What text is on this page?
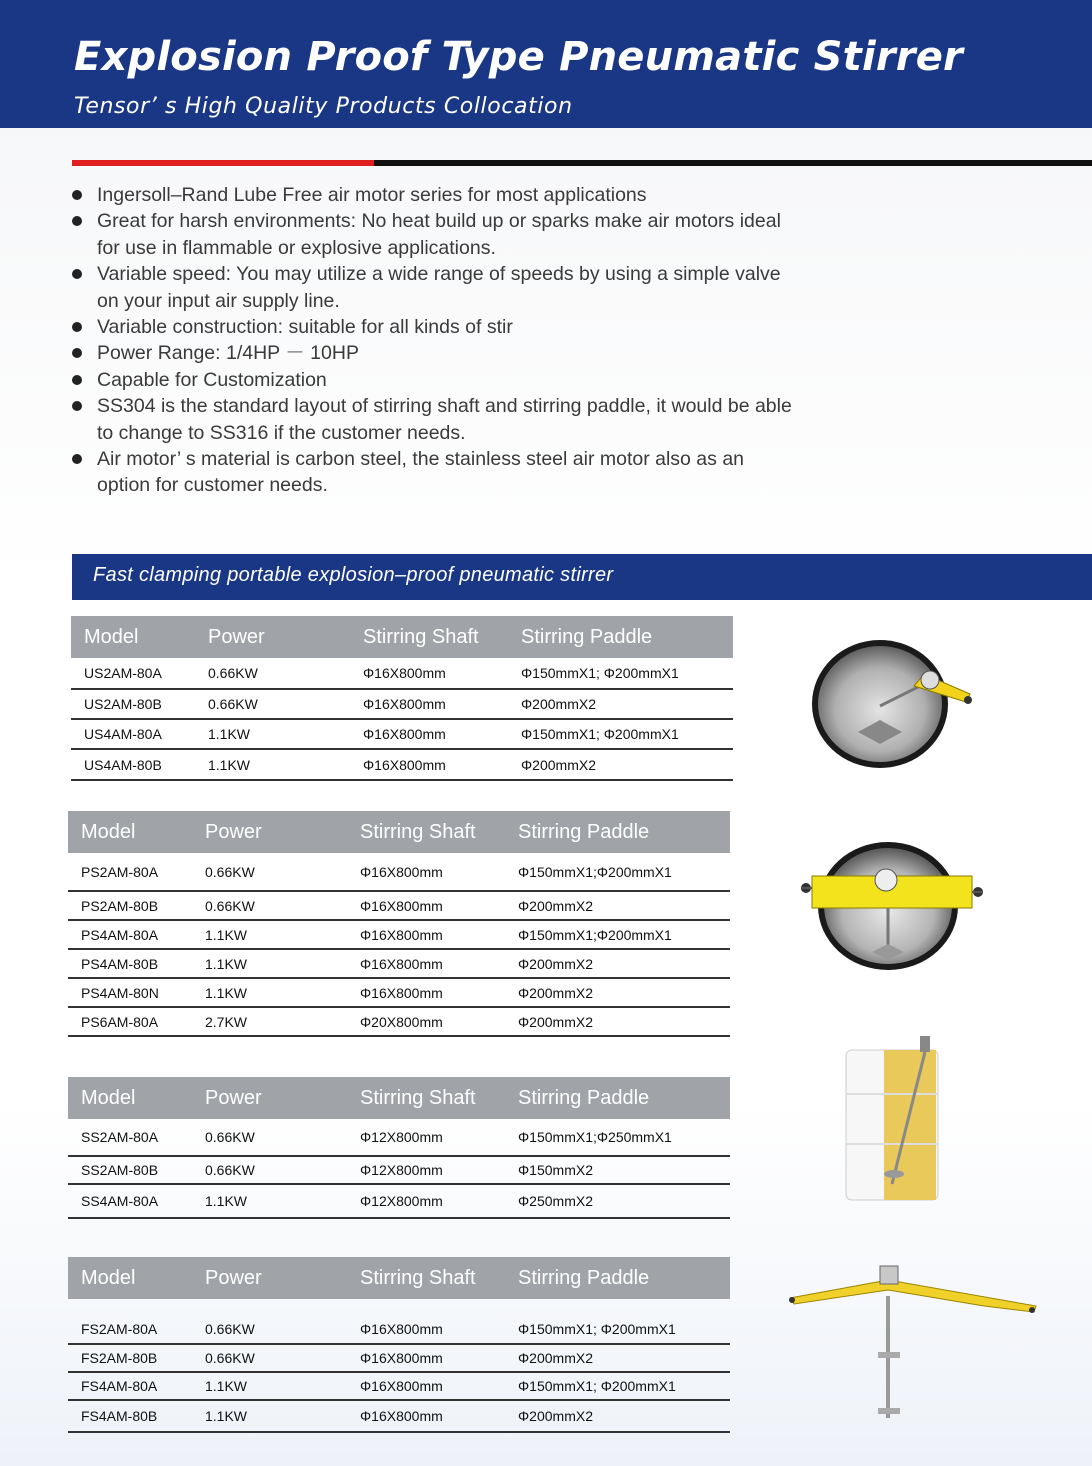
Explosion Proof Type Pneumatic Stirrer
Tensor’ s High Quality Products Collocation
Ingersoll–Rand Lube Free air motor series for most applications
Great for harsh environments: No heat build up or sparks make air motors ideal for use in flammable or explosive applications.
Variable speed: You may utilize a wide range of speeds by using a simple valve on your input air supply line.
Variable construction: suitable for all kinds of stir
Power Range: 1/4HP － 10HP
Capable for Customization
SS304 is the standard layout of stirring shaft and stirring paddle, it would be able to change to SS316 if the customer needs.
Air motor’ s material is carbon steel, the stainless steel air motor also as an option for customer needs.
Fast clamping portable explosion–proof pneumatic stirrer
Model	Power	Stirring Shaft	Stirring Paddle
US2AM-80A	0.66KW	Φ16X800mm	Φ150mmX1; Φ200mmX1
US2AM-80B	0.66KW	Φ16X800mm	Φ200mmX2
US4AM-80A	1.1KW	Φ16X800mm	Φ150mmX1; Φ200mmX1
US4AM-80B	1.1KW	Φ16X800mm	Φ200mmX2
Model	Power	Stirring Shaft	Stirring Paddle
PS2AM-80A	0.66KW	Φ16X800mm	Φ150mmX1;Φ200mmX1
PS2AM-80B	0.66KW	Φ16X800mm	Φ200mmX2
PS4AM-80A	1.1KW	Φ16X800mm	Φ150mmX1;Φ200mmX1
PS4AM-80B	1.1KW	Φ16X800mm	Φ200mmX2
PS4AM-80N	1.1KW	Φ16X800mm	Φ200mmX2
PS6AM-80A	2.7KW	Φ20X800mm	Φ200mmX2
Model	Power	Stirring Shaft	Stirring Paddle
SS2AM-80A	0.66KW	Φ12X800mm	Φ150mmX1;Φ250mmX1
SS2AM-80B	0.66KW	Φ12X800mm	Φ150mmX2
SS4AM-80A	1.1KW	Φ12X800mm	Φ250mmX2
Model	Power	Stirring Shaft	Stirring Paddle
FS2AM-80A	0.66KW	Φ16X800mm	Φ150mmX1; Φ200mmX1
FS2AM-80B	0.66KW	Φ16X800mm	Φ200mmX2
FS4AM-80A	1.1KW	Φ16X800mm	Φ150mmX1; Φ200mmX1
FS4AM-80B	1.1KW	Φ16X800mm	Φ200mmX2
